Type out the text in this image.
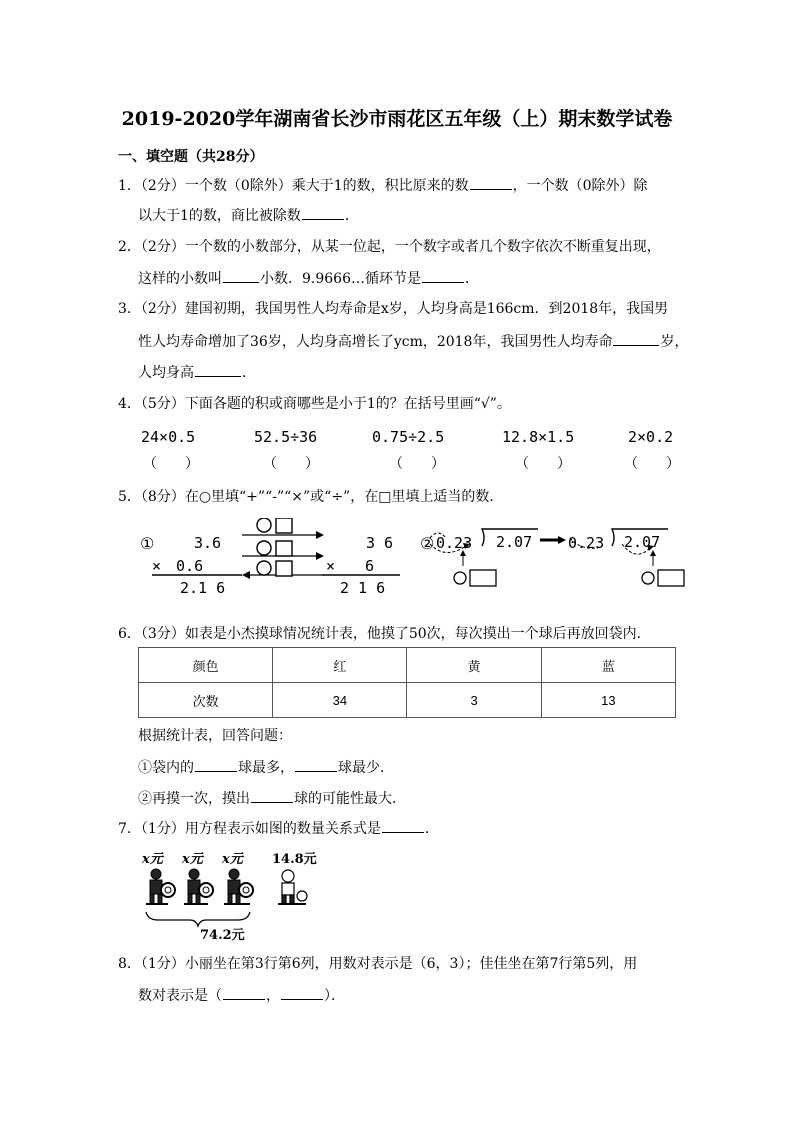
2019-2020学年湖南省长沙市雨花区五年级（上）期末数学试卷
一、填空题（共28分）
1．（2分）一个数（0除外）乘大于1的数，积比原来的数	，一个数（0除外）除
以大于1的数，商比被除数	．
2．（2分）一个数的小数部分，从某一位起，一个数字或者几个数字依次不断重复出现，
这样的小数叫	小数．9.9666…循环节是	．
3．（2分）建国初期，我国男性人均寿命是x岁，人均身高是166cm．到2018年，我国男
性人均寿命增加了36岁，人均身高增长了ycm，2018年，我国男性人均寿命	岁，
人均身高	．
4．（5分）下面各题的积或商哪些是小于1的？在括号里画“√”。
24×0.5	52.5÷36	0.75÷2.5	12.8×1.5	2×0.2
（　　）	（　　）	（　　）	（　　）	（　　）
5．（8分）在○里填“+”“-”“×”或“÷”，在□里填上适当的数．
①	3.6
×　0.6
2.1 6
3 6
×　　6
2 1 6
② 0.23 2.07 0.23 2.07
6．（3分）如表是小杰摸球情况统计表，他摸了50次，每次摸出一个球后再放回袋内．
颜色	红	黄	蓝
次数	34	3	13
根据统计表，回答问题：
①袋内的	球最多，	球最少．
②再摸一次，摸出	球的可能性最大．
7．（1分）用方程表示如图的数量关系式是	．
x元 x元 x元 14.8元
74.2元
8．（1分）小丽坐在第3行第6列，用数对表示是（6，3）；佳佳坐在第7行第5列，用
数对表示是（	，	）．
